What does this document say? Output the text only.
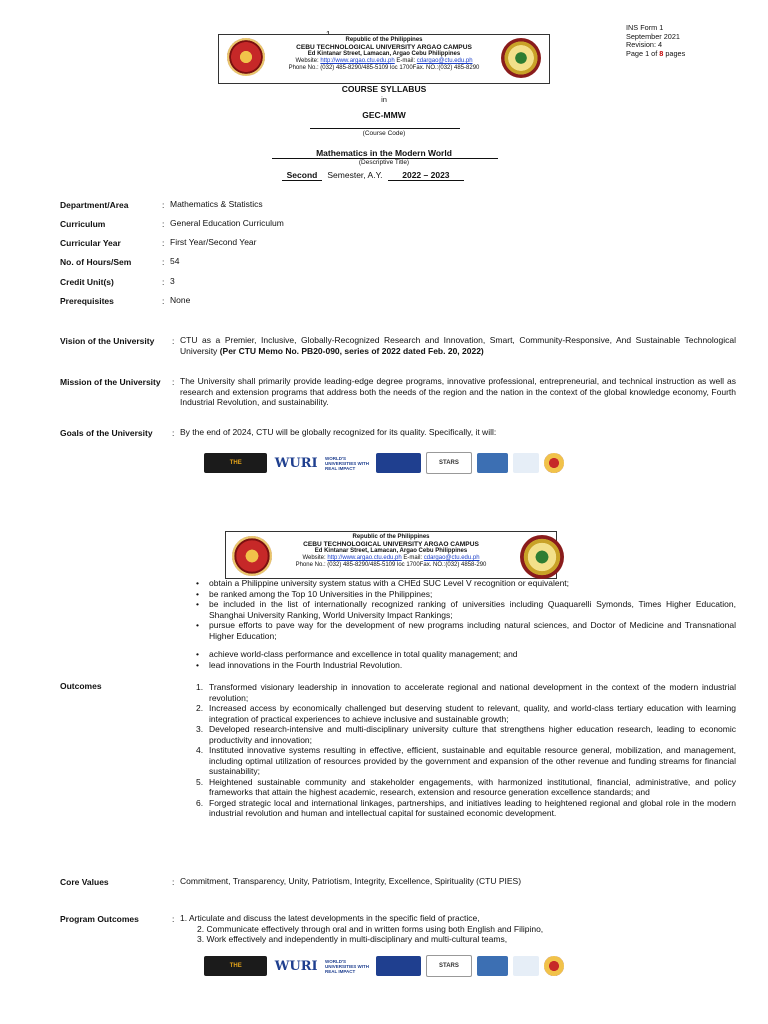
INS Form 1
September 2021
Revision: 4
Page 1 of 8 pages
Republic of the Philippines
CEBU TECHNOLOGICAL UNIVERSITY ARGAO CAMPUS
Ed Kintanar Street, Lamacan, Argao Cebu Philippines
Website: http://www.argao.ctu.edu.ph E-mail: cdargao@ctu.edu.ph
Phone No.: (032) 485-8290/485-5109 loc 1700Fax. NO.:(032) 485-8290
COURSE SYLLABUS
in
GEC-MMW
(Course Code)
Mathematics in the Modern World
(Descriptive Title)
Second Semester, A.Y. 2022 – 2023
Department/Area	: Mathematics & Statistics
Curriculum	: General Education Curriculum
Curricular Year	: First Year/Second Year
No. of Hours/Sem	: 54
Credit Unit(s)	: 3
Prerequisites	: None
Vision of the University : CTU as a Premier, Inclusive, Globally-Recognized Research and Innovation, Smart, Community-Responsive, And Sustainable Technological University (Per CTU Memo No. PB20-090, series of 2022 dated Feb. 20, 2022)
Mission of the University : The University shall primarily provide leading-edge degree programs, innovative professional, entrepreneurial, and technical instruction as well as research and extension programs that address both the needs of the region and the nation in the context of the global knowledge economy, Fourth Industrial Revolution, and sustainability.
Goals of the University : By the end of 2024, CTU will be globally recognized for its quality. Specifically, it will:
THE	WURI WORLD'S UNIVERSITIES WITH REAL IMPACT
STARS
Republic of the Philippines
CEBU TECHNOLOGICAL UNIVERSITY ARGAO CAMPUS
Ed Kintanar Street, Lamacan, Argao Cebu Philippines
Website: http://www.argao.ctu.edu.ph E-mail: cdargao@ctu.edu.ph
Phone No.: (032) 485-8290/485-5109 loc 1700Fax. NO.:(032) 4858-290
• obtain a Philippine university system status with a CHEd SUC Level V recognition or equivalent;
• be ranked among the Top 10 Universities in the Philippines;
• be included in the list of internationally recognized ranking of universities including Quaquarelli Symonds, Times Higher Education, Shanghai University Ranking, World University Impact Rankings;
• pursue efforts to pave way for the development of new programs including natural sciences, and Doctor of Medicine and Transnational Higher Education;
• achieve world-class performance and excellence in total quality management; and
• lead innovations in the Fourth Industrial Revolution.
Outcomes	1. Transformed visionary leadership in innovation to accelerate regional and national development in the context of the modern industrial revolution;
2. Increased access by economically challenged but deserving student to relevant, quality, and world-class tertiary education with learning integration of practical experiences to achieve inclusive and sustainable growth;
3. Developed research-intensive and multi-disciplinary university culture that strengthens higher education research, leading to economic productivity and innovation;
4. Instituted innovative systems resulting in effective, efficient, sustainable and equitable resource general, mobilization, and management, including optimal utilization of resources provided by the government and expansion of the other revenue and funding streams for financial sustainability;
5. Heightened sustainable community and stakeholder engagements, with harmonized institutional, financial, administrative, and policy frameworks that attain the highest academic, research, extension and resource generation excellence standards; and
6. Forged strategic local and international linkages, partnerships, and initiatives leading to heightened regional and global role in the modern industrial revolution and human and intellectual capital for sustained economic development.
Core Values	: Commitment, Transparency, Unity, Patriotism, Integrity, Excellence, Spirituality (CTU PIES)
Program Outcomes	: 1. Articulate and discuss the latest developments in the specific field of practice,
2. Communicate effectively through oral and in written forms using both English and Filipino,
3. Work effectively and independently in multi-disciplinary and multi-cultural teams,
THE	WURI WORLD'S UNIVERSITIES WITH REAL IMPACT
STARS
